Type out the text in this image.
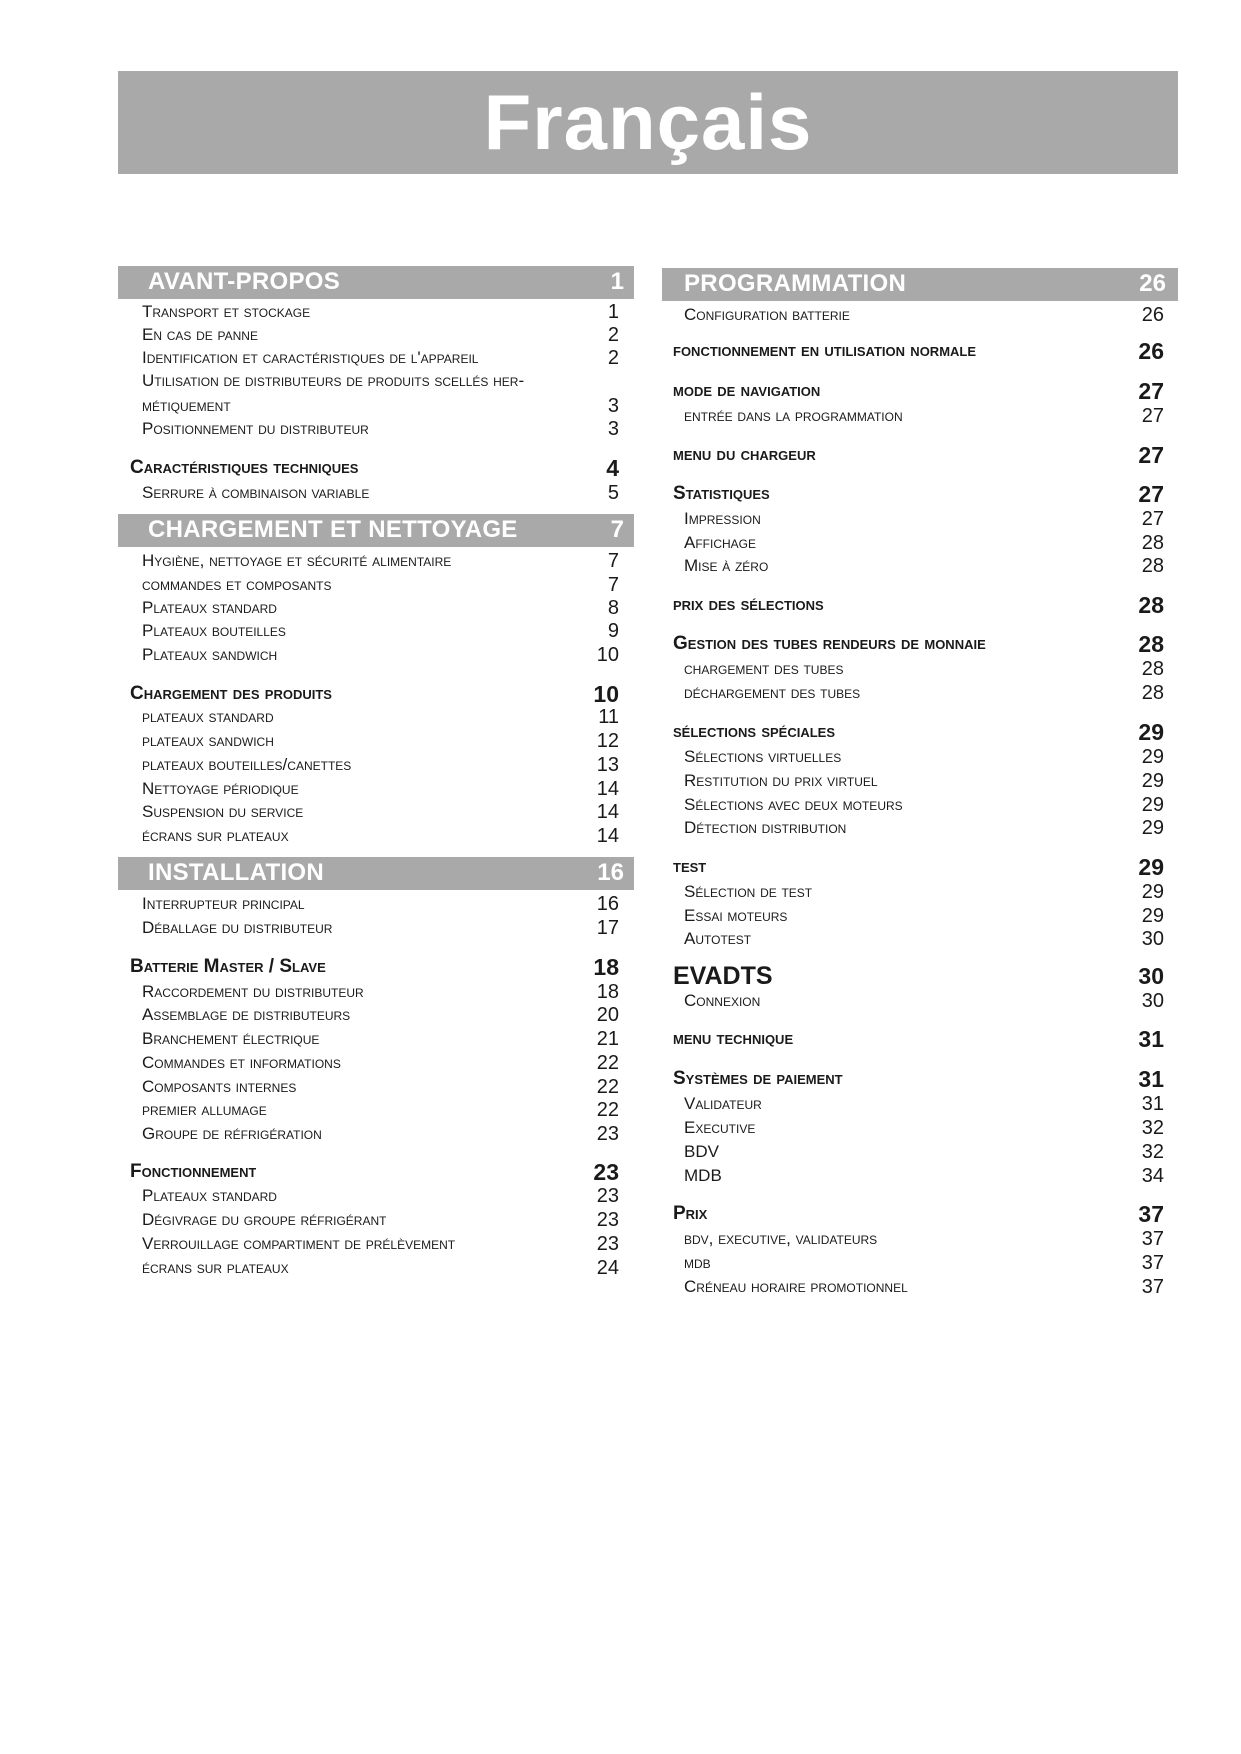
Français
AVANT-PROPOS	1
Transport et stockage	1
En cas de panne	2
Identification et caractéristiques de l'appareil	2
Utilisation de distributeurs de produits scellés her-métiquement	3
Positionnement du distributeur	3
Caractéristiques techniques	4
Serrure à combinaison variable	5
CHARGEMENT ET NETTOYAGE	7
Hygiène, nettoyage et sécurité alimentaire	7
commandes et composants	7
Plateaux standard	8
Plateaux bouteilles	9
Plateaux sandwich	10
Chargement des produits	10
plateaux standard	11
plateaux sandwich	12
plateaux bouteilles/canettes	13
Nettoyage périodique	14
Suspension du service	14
écrans sur plateaux	14
INSTALLATION	16
Interrupteur principal	16
Déballage du distributeur	17
Batterie Master / Slave	18
Raccordement du distributeur	18
Assemblage de distributeurs	20
Branchement électrique	21
Commandes et informations	22
Composants internes	22
premier allumage	22
Groupe de réfrigération	23
Fonctionnement	23
Plateaux standard	23
Dégivrage du groupe réfrigérant	23
Verrouillage compartiment de prélèvement	23
écrans sur plateaux	24
PROGRAMMATION	26
Configuration batterie	26
fonctionnement en utilisation normale	26
mode de navigation	27
entrée dans la programmation	27
menu du chargeur	27
Statistiques	27
Impression	27
Affichage	28
Mise à zéro	28
prix des sélections	28
Gestion des tubes rendeurs de monnaie	28
chargement des tubes	28
déchargement des tubes	28
sélections spéciales	29
Sélections virtuelles	29
Restitution du prix virtuel	29
Sélections avec deux moteurs	29
Détection distribution	29
test	29
Sélection de test	29
Essai moteurs	29
Autotest	30
EVADTS	30
Connexion	30
menu technique	31
Systèmes de paiement	31
Validateur	31
Executive	32
BDV	32
MDB	34
Prix	37
bdv, executive, validateurs	37
mdb	37
Créneau horaire promotionnel	37
